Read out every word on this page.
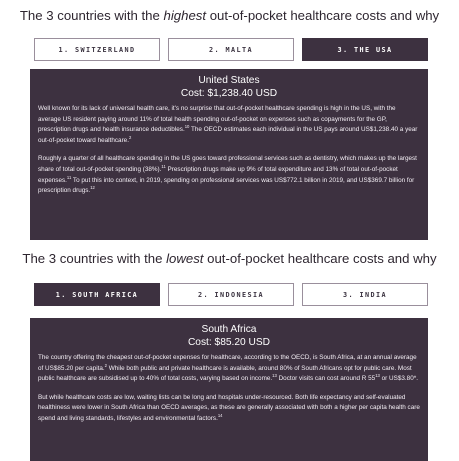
The 3 countries with the highest out-of-pocket healthcare costs and why
1. SWITZERLAND	2. MALTA	3. THE USA
United States
Cost: $1,238.40 USD

Well known for its lack of universal health care, it's no surprise that out-of-pocket healthcare spending is high in the US, with the average US resident paying around 11% of total health spending out-of-pocket on expenses such as copayments for the GP, prescription drugs and health insurance deductibles.$^{10}$ The OECD estimates each individual in the US pays around US$1,238.40 a year out-of-pocket toward healthcare.$^2$

Roughly a quarter of all healthcare spending in the US goes toward professional services such as dentistry, which makes up the largest share of total out-of-pocket spending (38%).$^{11}$ Prescription drugs make up 9% of total expenditure and 13% of total out-of-pocket expenses.$^{11}$ To put this into context, in 2019, spending on professional services was US$772.1 billion in 2019, and US$369.7 billion for prescription drugs.$^{12}$

The 3 countries with the lowest out-of-pocket healthcare costs and why
1. SOUTH AFRICA	2. INDONESIA	3. INDIA
South Africa
Cost: $85.20 USD

The country offering the cheapest out-of-pocket expenses for healthcare, according to the OECD, is South Africa, at an annual average of US$85.20 per capita.$^2$ While both public and private healthcare is available, around 80% of South Africans opt for public care. Most public healthcare are subsidised up to 40% of total costs, varying based on income.$^{13}$ Doctor visits can cost around R $55^{13}$ or US$3.80*.

But while healthcare costs are low, waiting lists can be long and hospitals under-resourced. Both life expectancy and self-evaluated healthiness were lower in South Africa than OECD averages, as these are generally associated with both a higher per capita health care spend and living standards, lifestyles and environmental factors.$^{14}$
